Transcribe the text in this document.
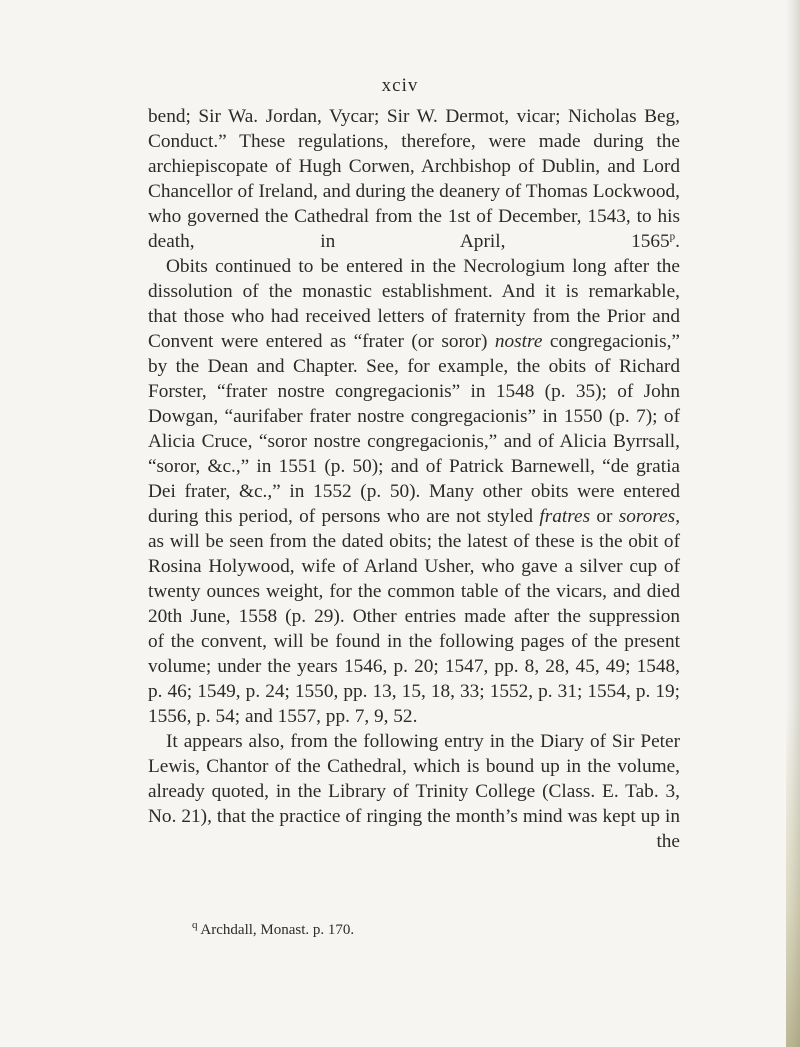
xciv
bend; Sir Wa. Jordan, Vycar; Sir W. Dermot, vicar; Nicholas Beg,
Conduct.” These regulations, therefore, were made during the
archiepiscopate of Hugh Corwen, Archbishop of Dublin, and Lord
Chancellor of Ireland, and during the deanery of Thomas Lockwood,
who governed the Cathedral from the 1st of December, 1543, to his
death, in April, 1565$^p$.
Obits continued to be entered in the Necrologium long after the
dissolution of the monastic establishment. And it is remarkable,
that those who had received letters of fraternity from the Prior and
Convent were entered as “frater (or soror) nostre congregacionis,”
by the Dean and Chapter. See, for example, the obits of Richard
Forster, “frater nostre congregacionis” in 1548 (p. 35); of John
Dowgan, “aurifaber frater nostre congregacionis” in 1550 (p. 7); of
Alicia Cruce, “soror nostre congregacionis,” and of Alicia Byrrsall,
“soror, &c.,” in 1551 (p. 50); and of Patrick Barnewell, “de gratia
Dei frater, &c.,” in 1552 (p. 50). Many other obits were entered
during this period, of persons who are not styled fratres or sorores,
as will be seen from the dated obits; the latest of these is the obit of
Rosina Holywood, wife of Arland Usher, who gave a silver cup of
twenty ounces weight, for the common table of the vicars, and died
20th June, 1558 (p. 29). Other entries made after the suppression
of the convent, will be found in the following pages of the present
volume; under the years 1546, p. 20; 1547, pp. 8, 28, 45, 49; 1548,
p. 46; 1549, p. 24; 1550, pp. 13, 15, 18, 33; 1552, p. 31; 1554, p. 19;
1556, p. 54; and 1557, pp. 7, 9, 52.
It appears also, from the following entry in the Diary of Sir Peter
Lewis, Chantor of the Cathedral, which is bound up in the volume,
already quoted, in the Library of Trinity College (Class. E. Tab. 3,
No. 21), that the practice of ringing the month’s mind was kept up in
the
$^q$ Archdall, Monast. p. 170.
